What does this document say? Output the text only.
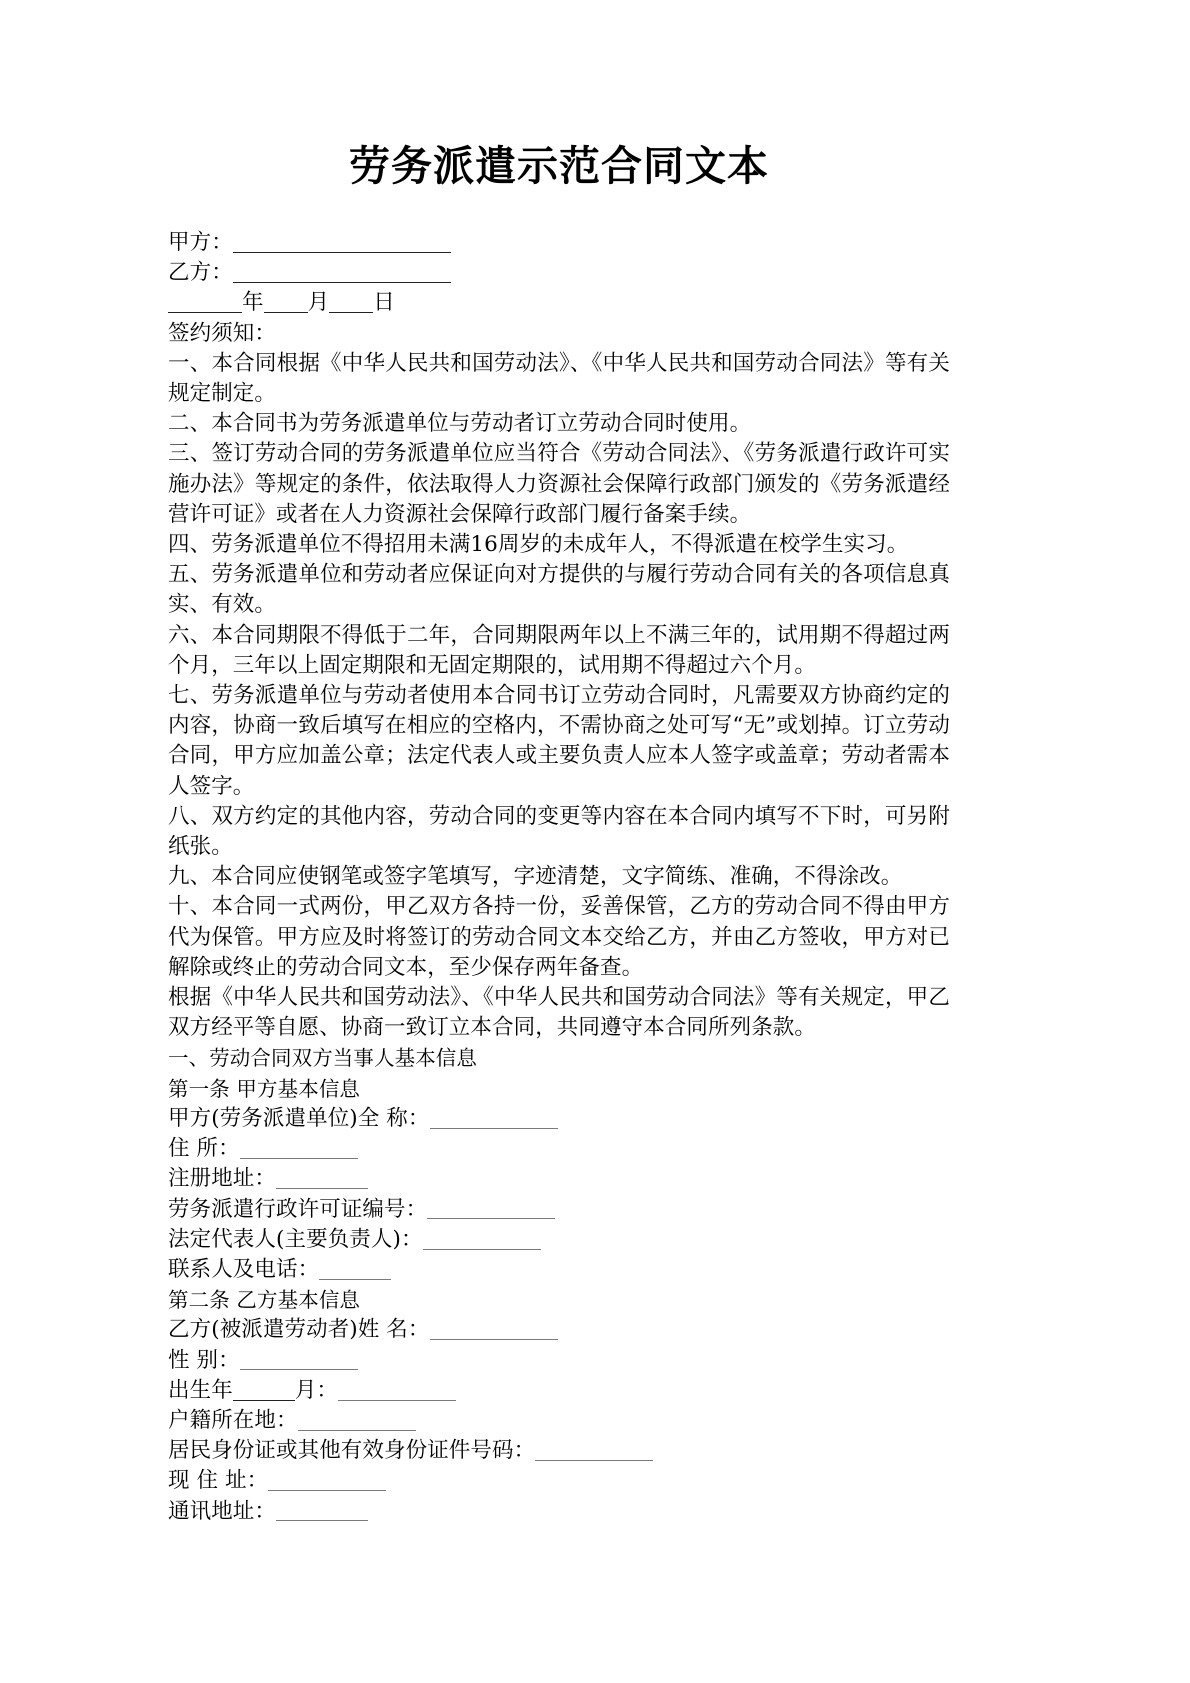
劳务派遣示范合同文本

甲方：

乙方：

年 月 日

签约须知：

一、本合同根据《中华人民共和国劳动法》、《中华人民共和国劳动合同法》等有关规定制定。

二、本合同书为劳务派遣单位与劳动者订立劳动合同时使用。

三、签订劳动合同的劳务派遣单位应当符合《劳动合同法》、《劳务派遣行政许可实施办法》等规定的条件，依法取得人力资源社会保障行政部门颁发的《劳务派遣经营许可证》或者在人力资源社会保障行政部门履行备案手续。

四、劳务派遣单位不得招用未满16周岁的未成年人，不得派遣在校学生实习。

五、劳务派遣单位和劳动者应保证向对方提供的与履行劳动合同有关的各项信息真实、有效。

六、本合同期限不得低于二年，合同期限两年以上不满三年的，试用期不得超过两个月，三年以上固定期限和无固定期限的，试用期不得超过六个月。

七、劳务派遣单位与劳动者使用本合同书订立劳动合同时，凡需要双方协商约定的内容，协商一致后填写在相应的空格内，不需协商之处可写“无”或划掉。订立劳动合同，甲方应加盖公章；法定代表人或主要负责人应本人签字或盖章；劳动者需本人签字。

八、双方约定的其他内容，劳动合同的变更等内容在本合同内填写不下时，可另附纸张。

九、本合同应使钢笔或签字笔填写，字迹清楚，文字简练、准确，不得涂改。

十、本合同一式两份，甲乙双方各持一份，妥善保管，乙方的劳动合同不得由甲方代为保管。甲方应及时将签订的劳动合同文本交给乙方，并由乙方签收，甲方对已解除或终止的劳动合同文本，至少保存两年备查。

根据《中华人民共和国劳动法》、《中华人民共和国劳动合同法》等有关规定，甲乙双方经平等自愿、协商一致订立本合同，共同遵守本合同所列条款。

一、劳动合同双方当事人基本信息

第一条 甲方基本信息

甲方(劳务派遣单位)全 称：

住 所：

注册地址：

劳务派遣行政许可证编号：

法定代表人(主要负责人)：

联系人及电话：

第二条 乙方基本信息

乙方(被派遣劳动者)姓 名：

性 别：

出生年	月：

户籍所在地：

居民身份证或其他有效身份证件号码：

现 住 址：

通讯地址：
